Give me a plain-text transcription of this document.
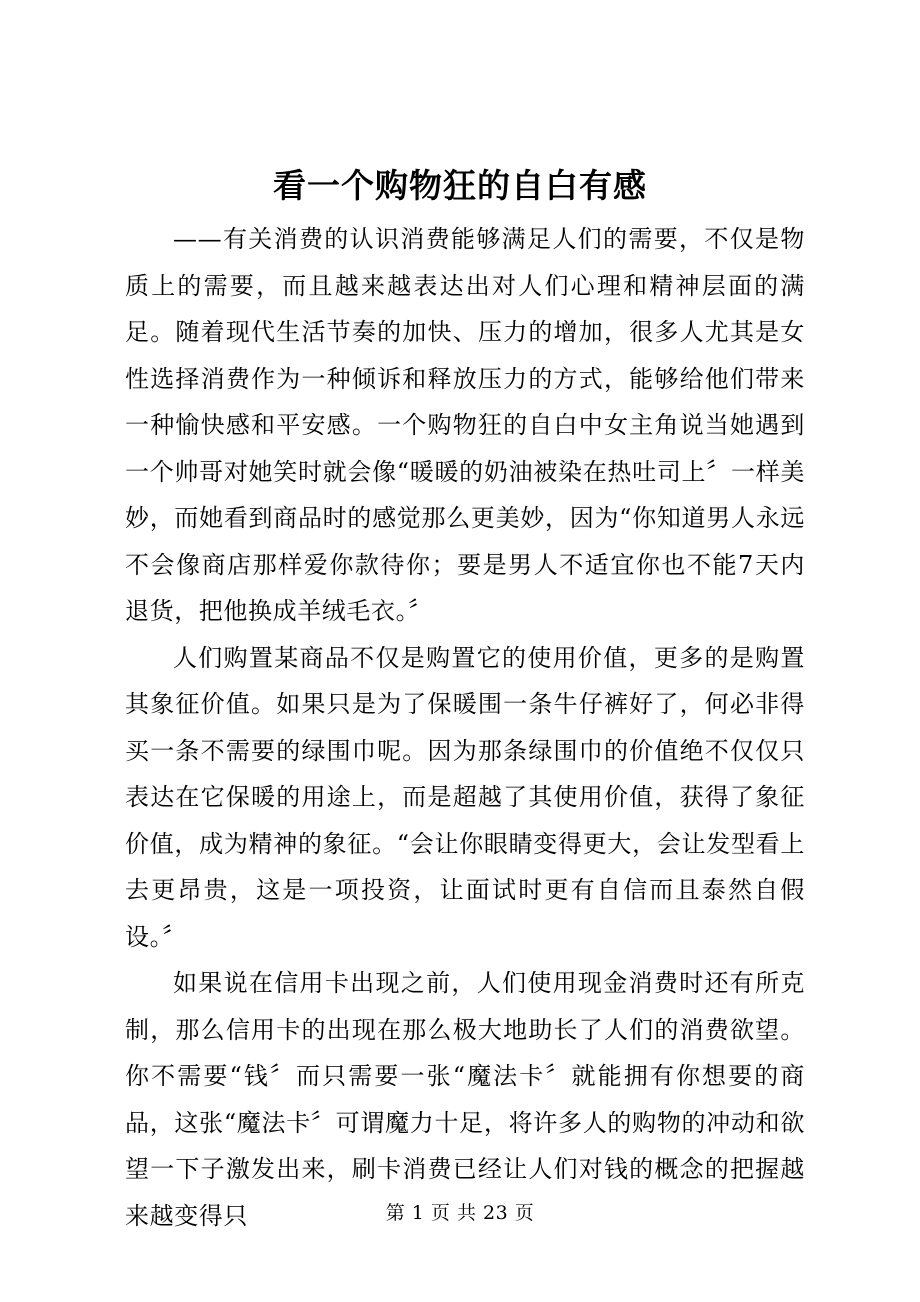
看一个购物狂的自白有感

——有关消费的认识消费能够满足人们的需要，不仅是物质上的需要，而且越来越表达出对人们心理和精神层面的满足。随着现代生活节奏的加快、压力的增加，很多人尤其是女性选择消费作为一种倾诉和释放压力的方式，能够给他们带来一种愉快感和平安感。一个购物狂的自白中女主角说当她遇到一个帅哥对她笑时就会像“暖暖的奶油被染在热吐司上〞一样美妙，而她看到商品时的感觉那么更美妙，因为“你知道男人永远不会像商店那样爱你款待你；要是男人不适宜你也不能7天内退货，把他换成羊绒毛衣。〞

人们购置某商品不仅是购置它的使用价值，更多的是购置其象征价值。如果只是为了保暖围一条牛仔裤好了，何必非得买一条不需要的绿围巾呢。因为那条绿围巾的价值绝不仅仅只表达在它保暖的用途上，而是超越了其使用价值，获得了象征价值，成为精神的象征。“会让你眼睛变得更大，会让发型看上去更昂贵，这是一项投资，让面试时更有自信而且泰然自假设。〞

如果说在信用卡出现之前，人们使用现金消费时还有所克制，那么信用卡的出现在那么极大地助长了人们的消费欲望。你不需要“钱〞而只需要一张“魔法卡〞就能拥有你想要的商品，这张“魔法卡〞可谓魔力十足，将许多人的购物的冲动和欲望一下子激发出来，刷卡消费已经让人们对钱的概念的把握越来越变得只	第 1 页 共 23 页
